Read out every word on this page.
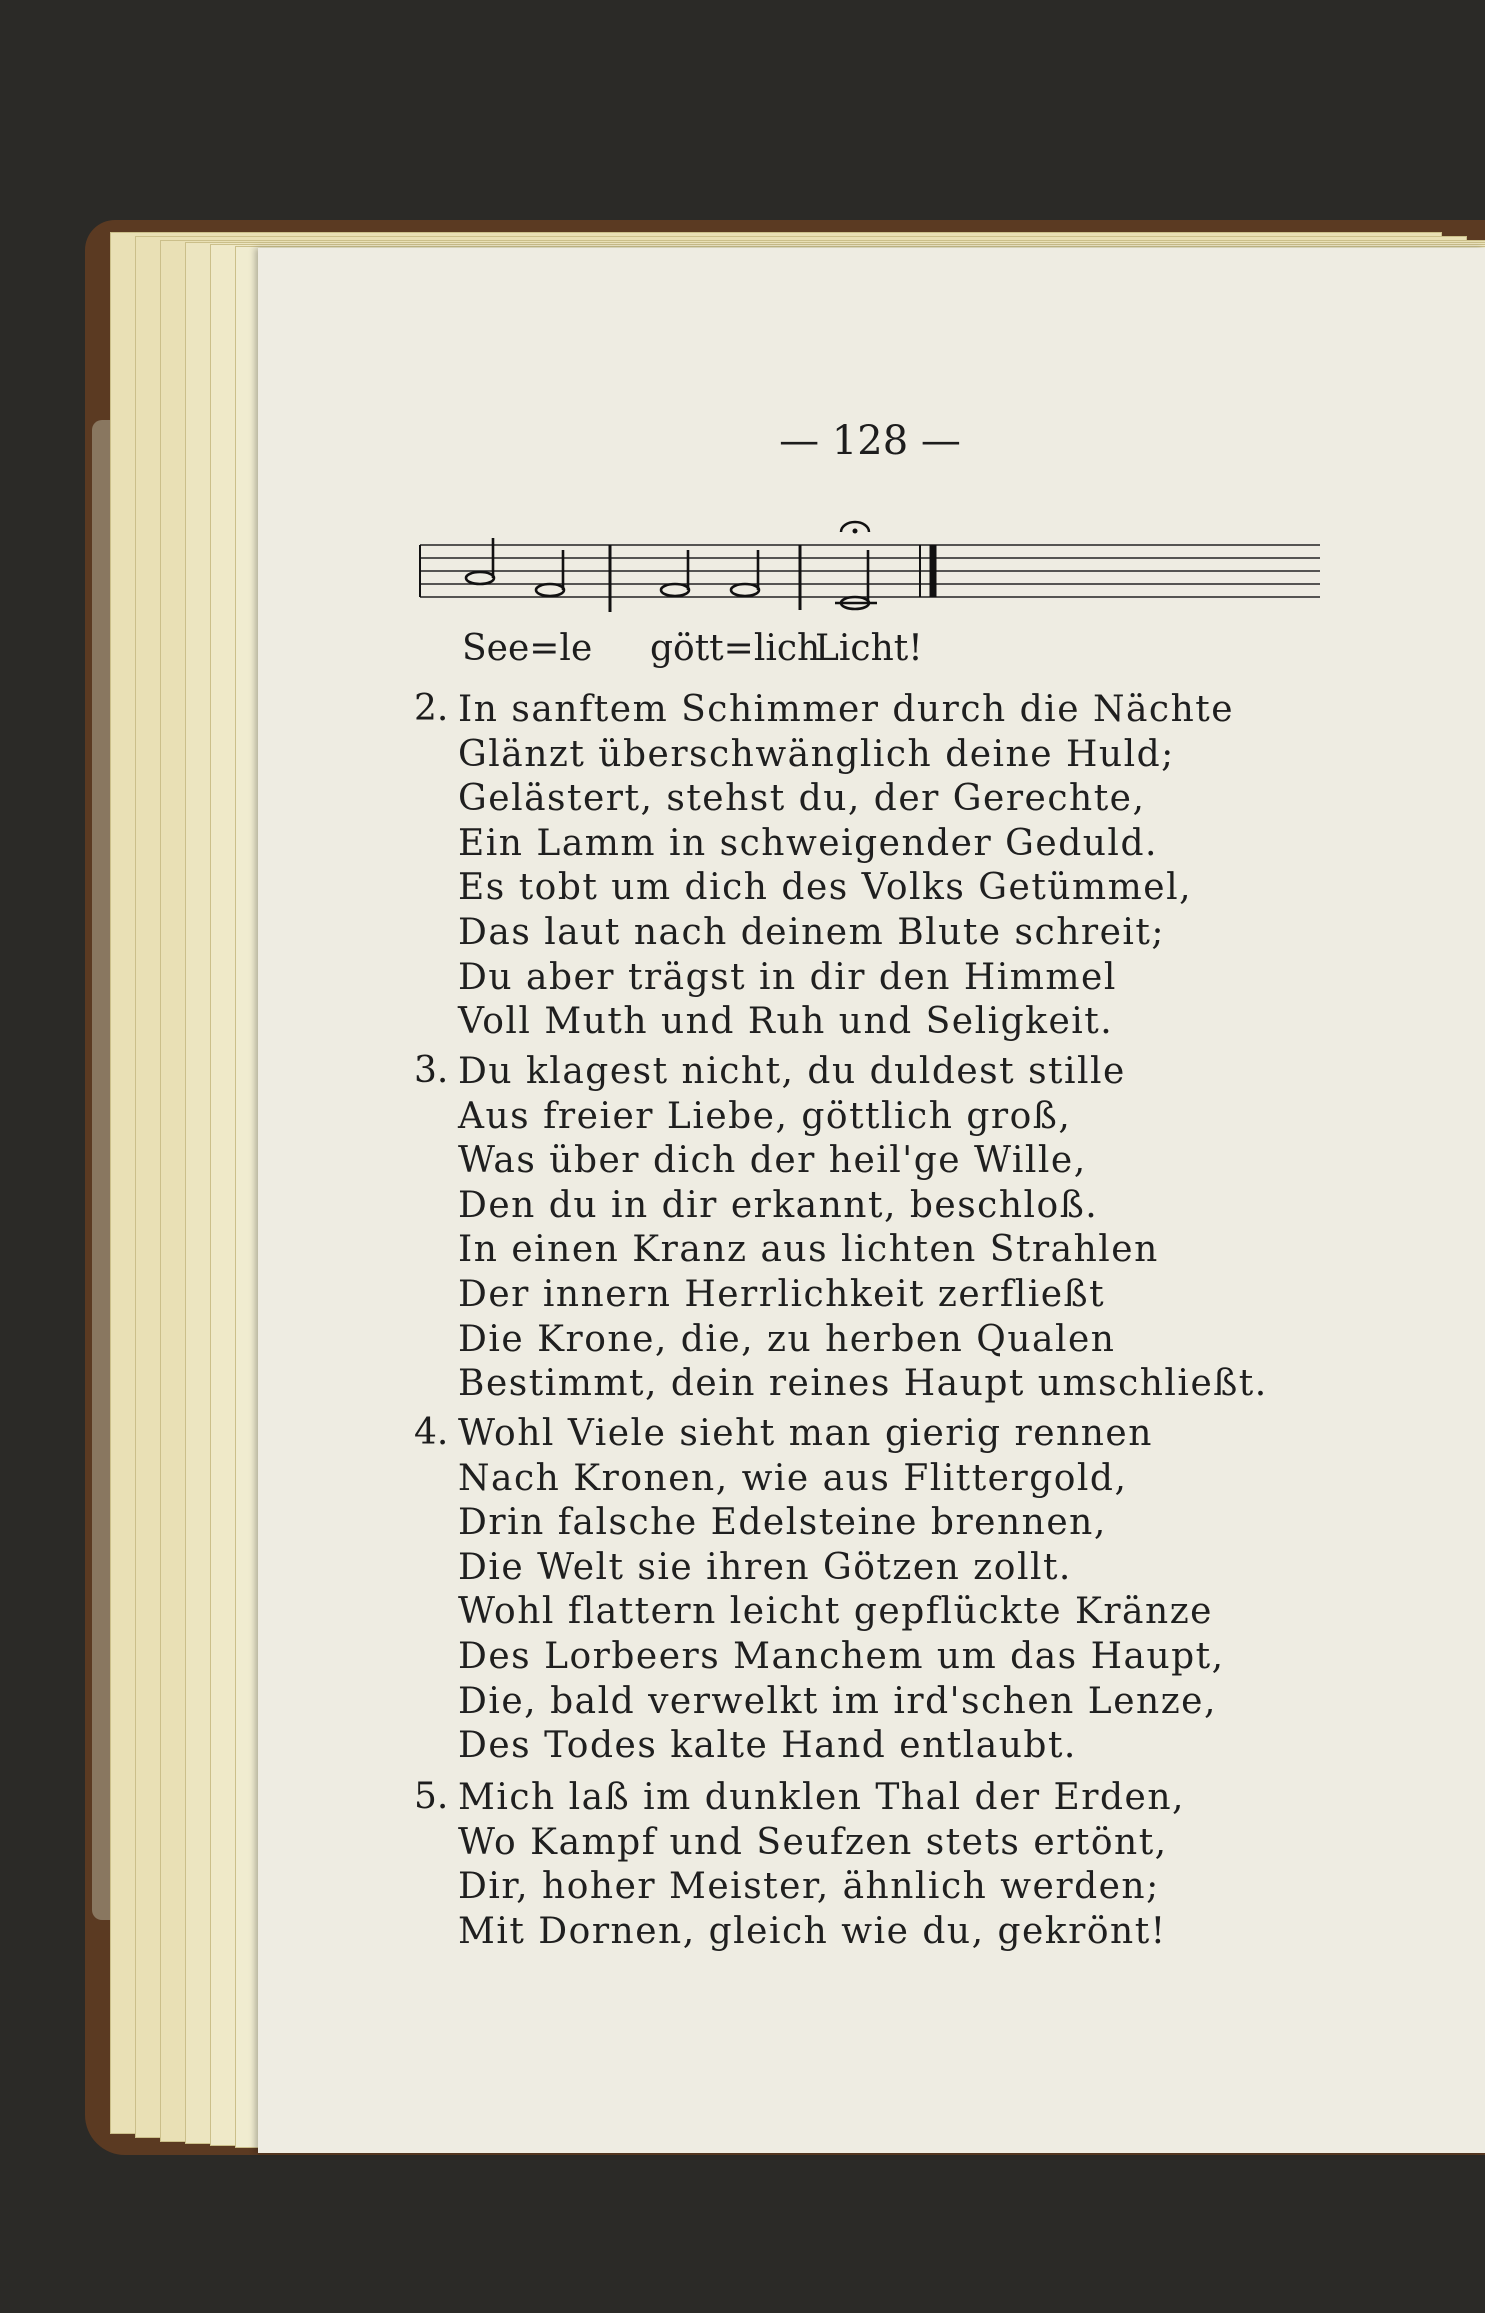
— 128 —
See=le gött=lich
Licht!
2. In sanftem Schimmer durch die Nächte
Glänzt überschwänglich deine Huld;
Gelästert, stehst du, der Gerechte,
Ein Lamm in schweigender Geduld.
Es tobt um dich des Volks Getümmel,
Das laut nach deinem Blute schreit;
Du aber trägst in dir den Himmel
Voll Muth und Ruh und Seligkeit.
3. Du klagest nicht, du duldest stille
Aus freier Liebe, göttlich groß,
Was über dich der heil'ge Wille,
Den du in dir erkannt, beschloß.
In einen Kranz aus lichten Strahlen
Der innern Herrlichkeit zerfließt
Die Krone, die, zu herben Qualen
Bestimmt, dein reines Haupt umschließt.
4. Wohl Viele sieht man gierig rennen
Nach Kronen, wie aus Flittergold,
Drin falsche Edelsteine brennen,
Die Welt sie ihren Götzen zollt.
Wohl flattern leicht gepflückte Kränze
Des Lorbeers Manchem um das Haupt,
Die, bald verwelkt im ird'schen Lenze,
Des Todes kalte Hand entlaubt.
5. Mich laß im dunklen Thal der Erden,
Wo Kampf und Seufzen stets ertönt,
Dir, hoher Meister, ähnlich werden;
Mit Dornen, gleich wie du, gekrönt!
